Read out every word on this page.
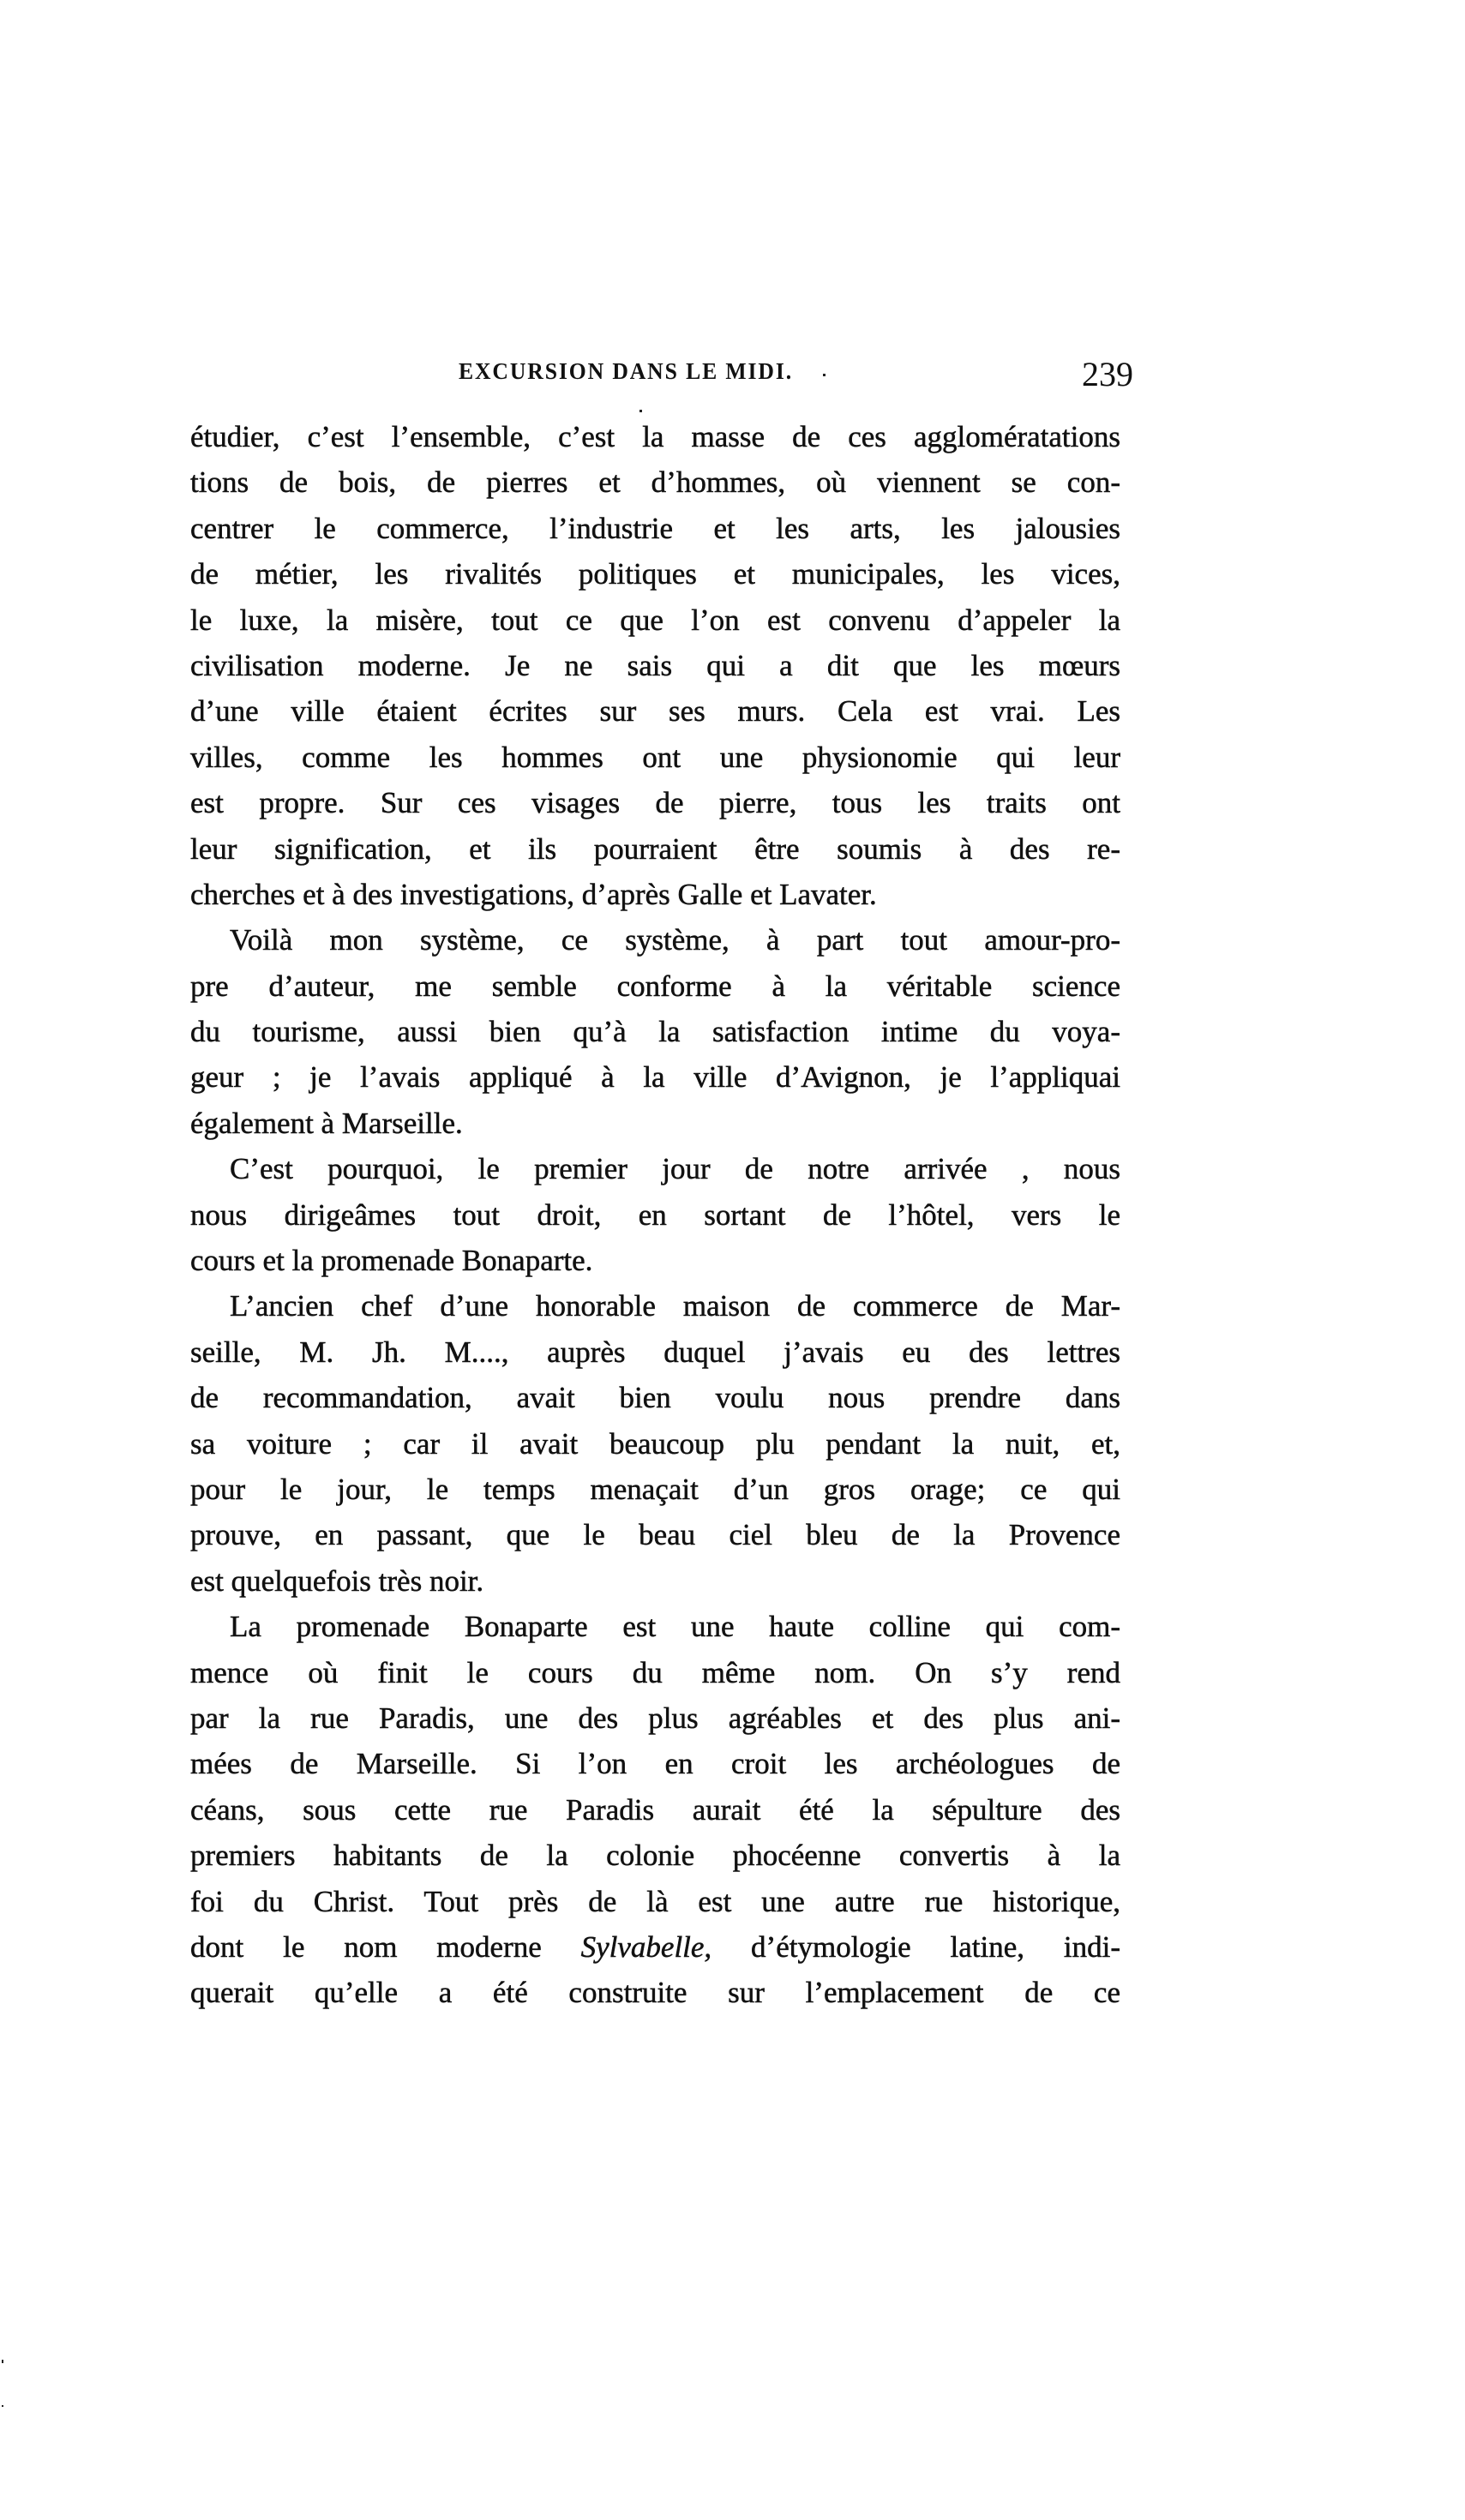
EXCURSION DANS LE MIDI.	239
étudier, c’est l’ensemble, c’est la masse de ces agglomératations
tions de bois, de pierres et d’hommes, où viennent se con-
centrer le commerce, l’industrie et les arts, les jalousies
de métier, les rivalités politiques et municipales, les vices,
le luxe, la misère, tout ce que l’on est convenu d’appeler la
civilisation moderne. Je ne sais qui a dit que les mœurs
d’une ville étaient écrites sur ses murs. Cela est vrai. Les
villes, comme les hommes ont une physionomie qui leur
est propre. Sur ces visages de pierre, tous les traits ont
leur signification, et ils pourraient être soumis à des re-
cherches et à des investigations, d’après Galle et Lavater.
Voilà mon système, ce système, à part tout amour-pro-
pre d’auteur, me semble conforme à la véritable science
du tourisme, aussi bien qu’à la satisfaction intime du voya-
geur ; je l’avais appliqué à la ville d’Avignon, je l’appliquai
également à Marseille.
C’est pourquoi, le premier jour de notre arrivée , nous
nous dirigeâmes tout droit, en sortant de l’hôtel, vers le
cours et la promenade Bonaparte.
L’ancien chef d’une honorable maison de commerce de Mar-
seille, M. Jh. M...., auprès duquel j’avais eu des lettres
de recommandation, avait bien voulu nous prendre dans
sa voiture ; car il avait beaucoup plu pendant la nuit, et,
pour le jour, le temps menaçait d’un gros orage; ce qui
prouve, en passant, que le beau ciel bleu de la Provence
est quelquefois très noir.
La promenade Bonaparte est une haute colline qui com-
mence où finit le cours du même nom. On s’y rend
par la rue Paradis, une des plus agréables et des plus ani-
mées de Marseille. Si l’on en croit les archéologues de
céans, sous cette rue Paradis aurait été la sépulture des
premiers habitants de la colonie phocéenne convertis à la
foi du Christ. Tout près de là est une autre rue historique,
dont le nom moderne Sylvabelle, d’étymologie latine, indi-
querait qu’elle a été construite sur l’emplacement de ce
